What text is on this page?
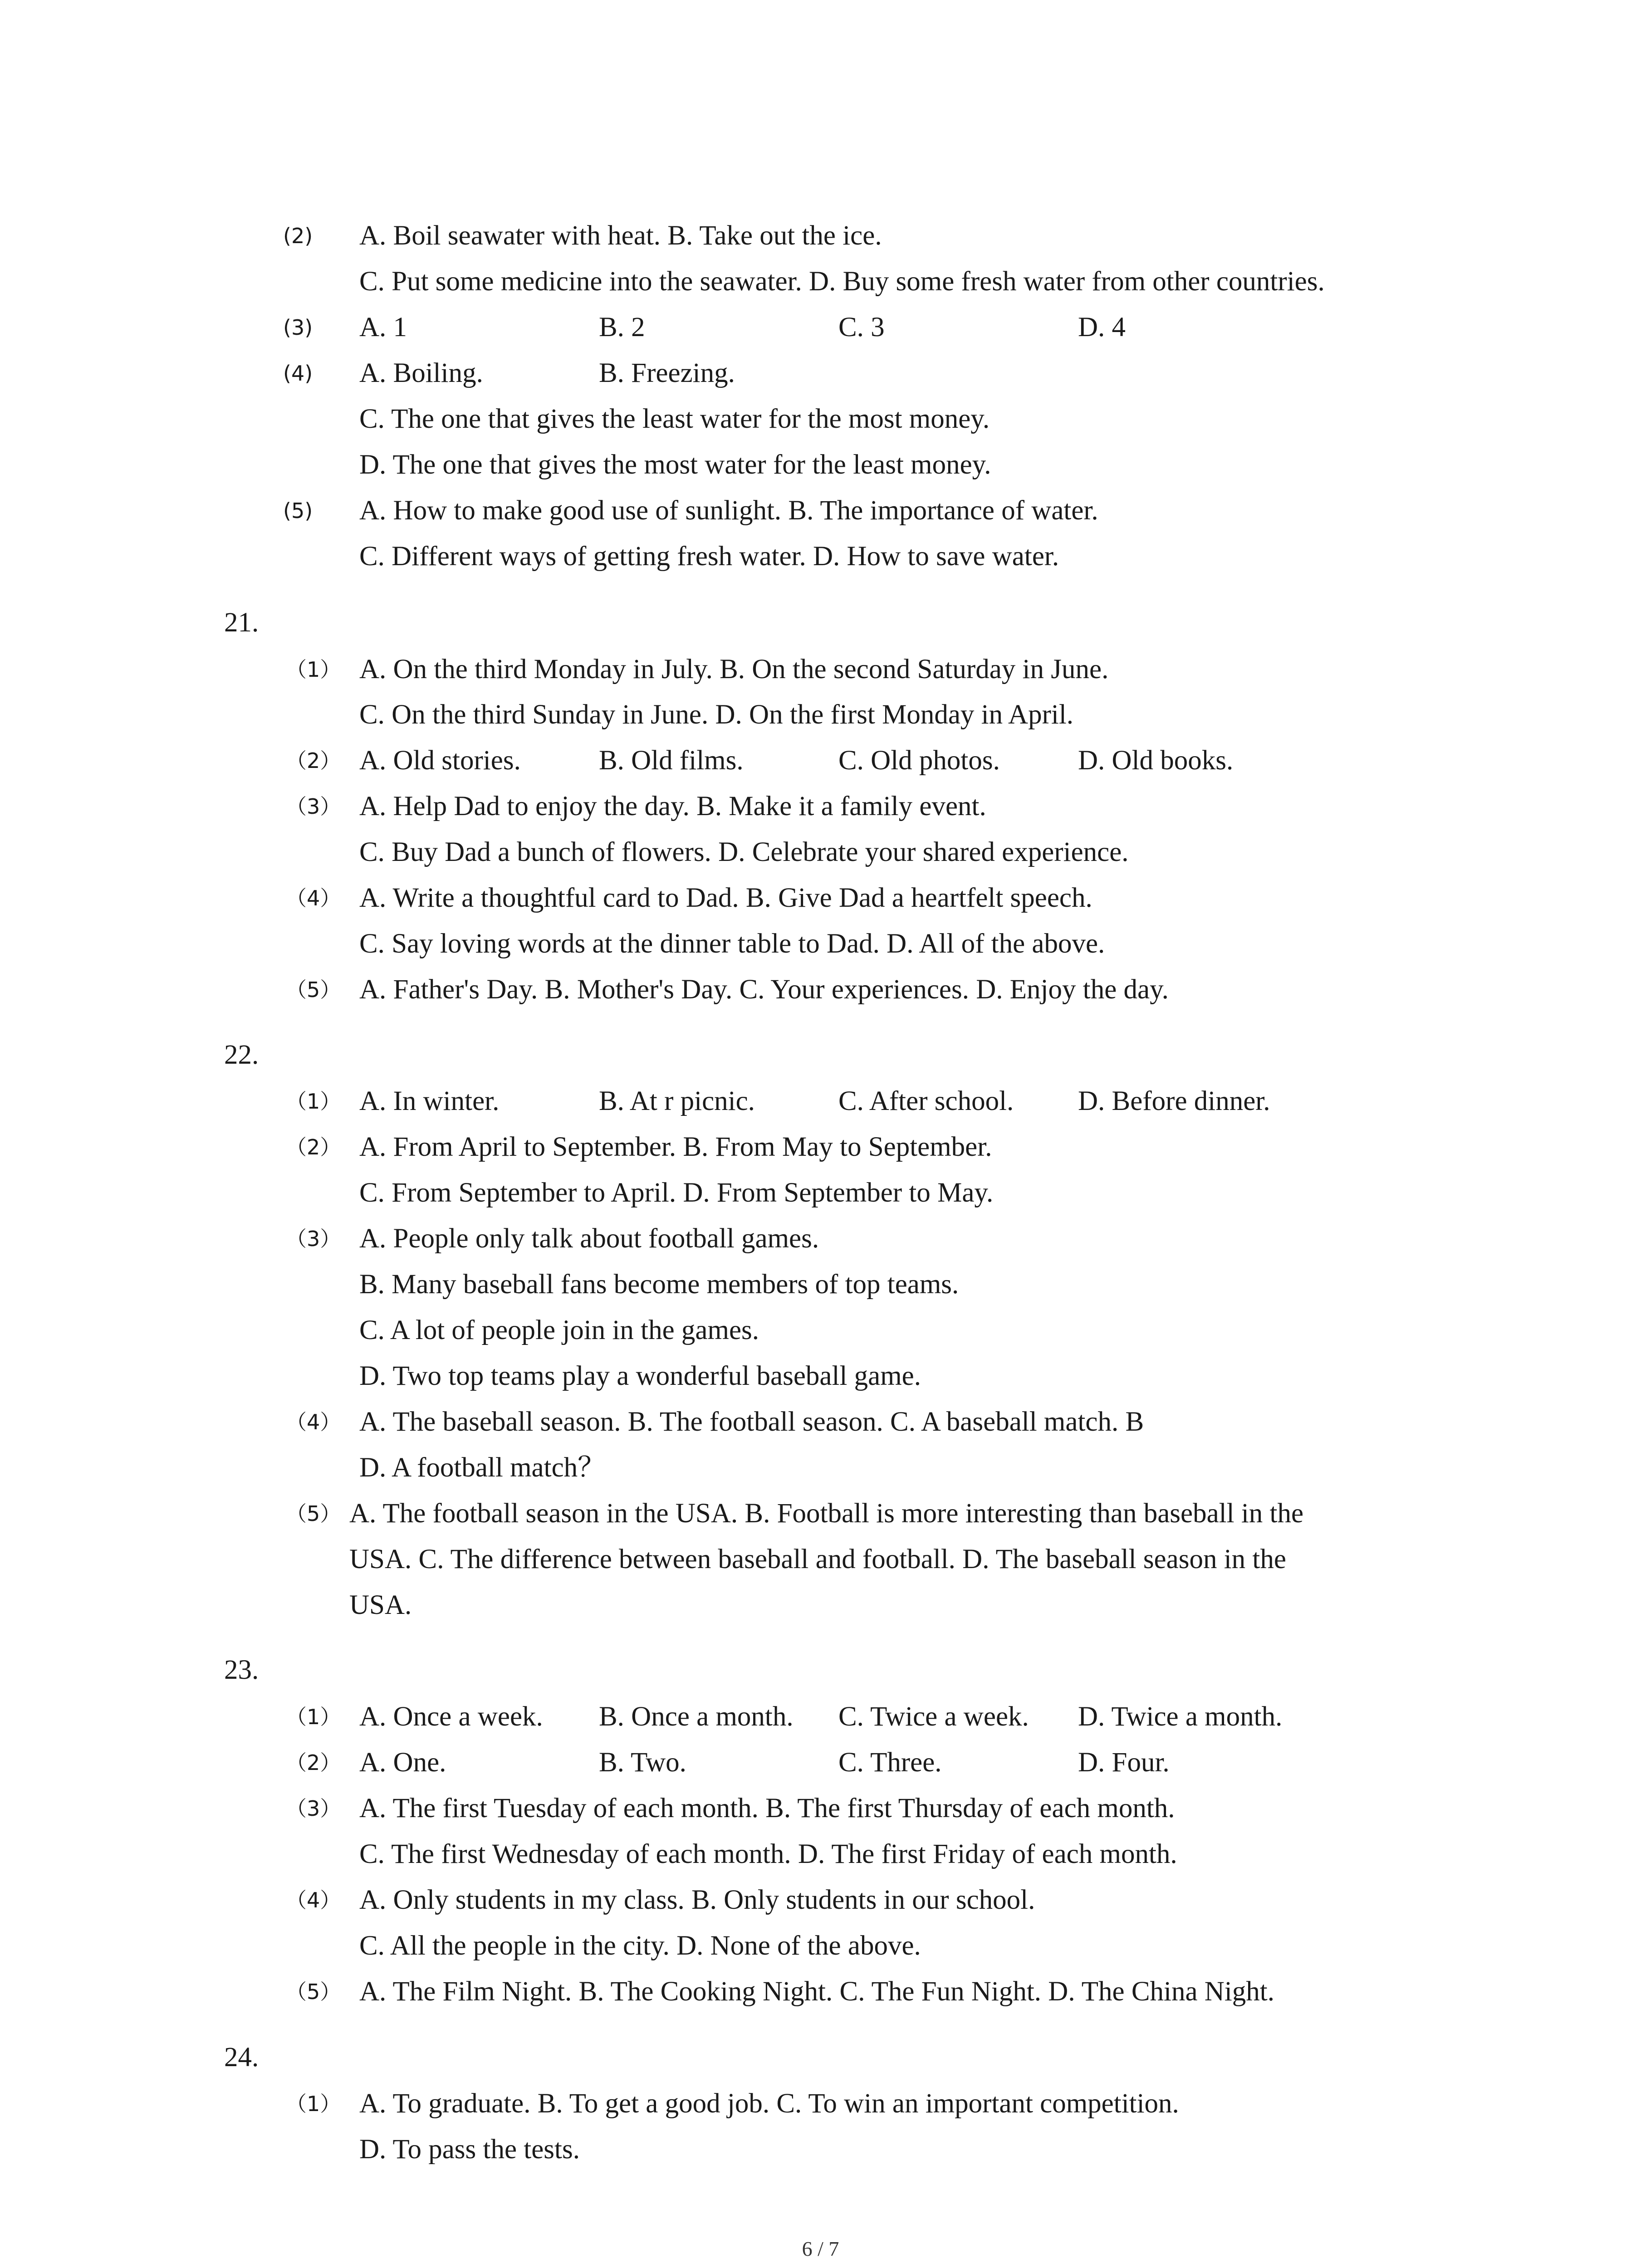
(2) A. Boil seawater with heat. B. Take out the ice.
C. Put some medicine into the seawater. D. Buy some fresh water from other countries.
(3) A. 1	B. 2	C. 3	D. 4
(4) A. Boiling.	B. Freezing.
C. The one that gives the least water for the most money.
D. The one that gives the most water for the least money.
(5) A. How to make good use of sunlight. B. The importance of water.
C. Different ways of getting fresh water. D. How to save water.
21.
（1） A. On the third Monday in July. B. On the second Saturday in June.
C. On the third Sunday in June. D. On the first Monday in April.
（2） A. Old stories.	B. Old films.	C. Old photos.	D. Old books.
（3） A. Help Dad to enjoy the day. B. Make it a family event.
C. Buy Dad a bunch of flowers. D. Celebrate your shared experience.
（4） A. Write a thoughtful card to Dad. B. Give Dad a heartfelt speech.
C. Say loving words at the dinner table to Dad. D. All of the above.
（5） A. Father's Day. B. Mother's Day. C. Your experiences. D. Enjoy the day.
22.
（1） A. In winter.	B. At r picnic.	C. After school. D. Before dinner.
（2） A. From April to September. B. From May to September.
C. From September to April. D. From September to May.
（3） A. People only talk about football games.
B. Many baseball fans become members of top teams.
C. A lot of people join in the games.
D. Two top teams play a wonderful baseball game.
（4） A. The baseball season. B. The football season. C. A baseball match. B
D. A football match？
（5） A. The football season in the USA. B. Football is more interesting than baseball in the
USA. C. The difference between baseball and football. D. The baseball season in the
USA.
23.
（1） A. Once a week. B. Once a month. C. Twice a week. D. Twice a month.
（2） A. One.	B. Two.	C. Three.	D. Four.
（3） A. The first Tuesday of each month. B. The first Thursday of each month.
C. The first Wednesday of each month. D. The first Friday of each month.
（4） A. Only students in my class. B. Only students in our school.
C. All the people in the city. D. None of the above.
（5） A. The Film Night. B. The Cooking Night. C. The Fun Night. D. The China Night.
24.
（1） A. To graduate. B. To get a good job. C. To win an important competition.
D. To pass the tests.
6 / 7
